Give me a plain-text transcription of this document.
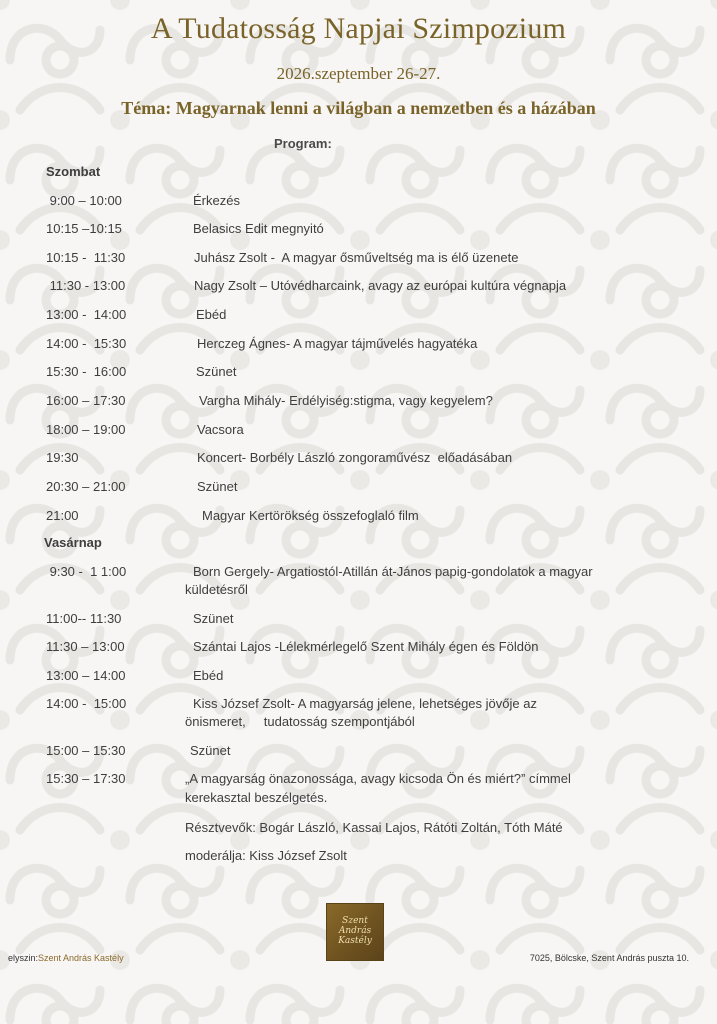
A Tudatosság Napjai Szimpozium
2026.szeptember 26-27.
Téma: Magyarnak lenni a világban a nemzetben és a házában
Program:
Szombat
9:00 – 10:00	Érkezés
10:15 –10:15	Belasics Edit megnyitó
10:15 -  11:30	Juhász Zsolt -  A magyar ősműveltség ma is élő üzenete
11:30 - 13:00	Nagy Zsolt – Utóvédharcaink, avagy az európai kultúra végnapja
13:00 -  14:00	Ebéd
14:00 -  15:30	Herczeg Ágnes- A magyar tájművelés hagyatéka
15:30 -  16:00	Szünet
16:00 – 17:30	Vargha Mihály- Erdélyiség:stigma, vagy kegyelem?
18:00 – 19:00	Vacsora
19:30	Koncert- Borbély László zongoraművész  előadásában
20:30 – 21:00	Szünet
21:00	Magyar Kertörökség összefoglaló film
Vasárnap
9:30 -  1 1:00	Born Gergely- Argatiostól-Atillán át-János papig-gondolatok a magyar
küldetésről
11:00-- 11:30	Szünet
11:30 – 13:00	Szántai Lajos -Lélekmérlegelő Szent Mihály égen és Földön
13:00 – 14:00	Ebéd
14:00 -  15:00	Kiss József Zsolt- A magyarság jelene, lehetséges jövője az
önismeret,     tudatosság szempontjából
15:00 – 15:30	Szünet
15:30 – 17:30	„A magyarság önazonossága, avagy kicsoda Ön és miért?” címmel
kerekasztal beszélgetés.
Résztvevők: Bogár László, Kassai Lajos, Rátóti Zoltán, Tóth Máté
moderálja: Kiss József Zsolt
Szent
András
Kastély
elyszin:Szent András Kastély	7025, Bölcske, Szent András puszta 10.
